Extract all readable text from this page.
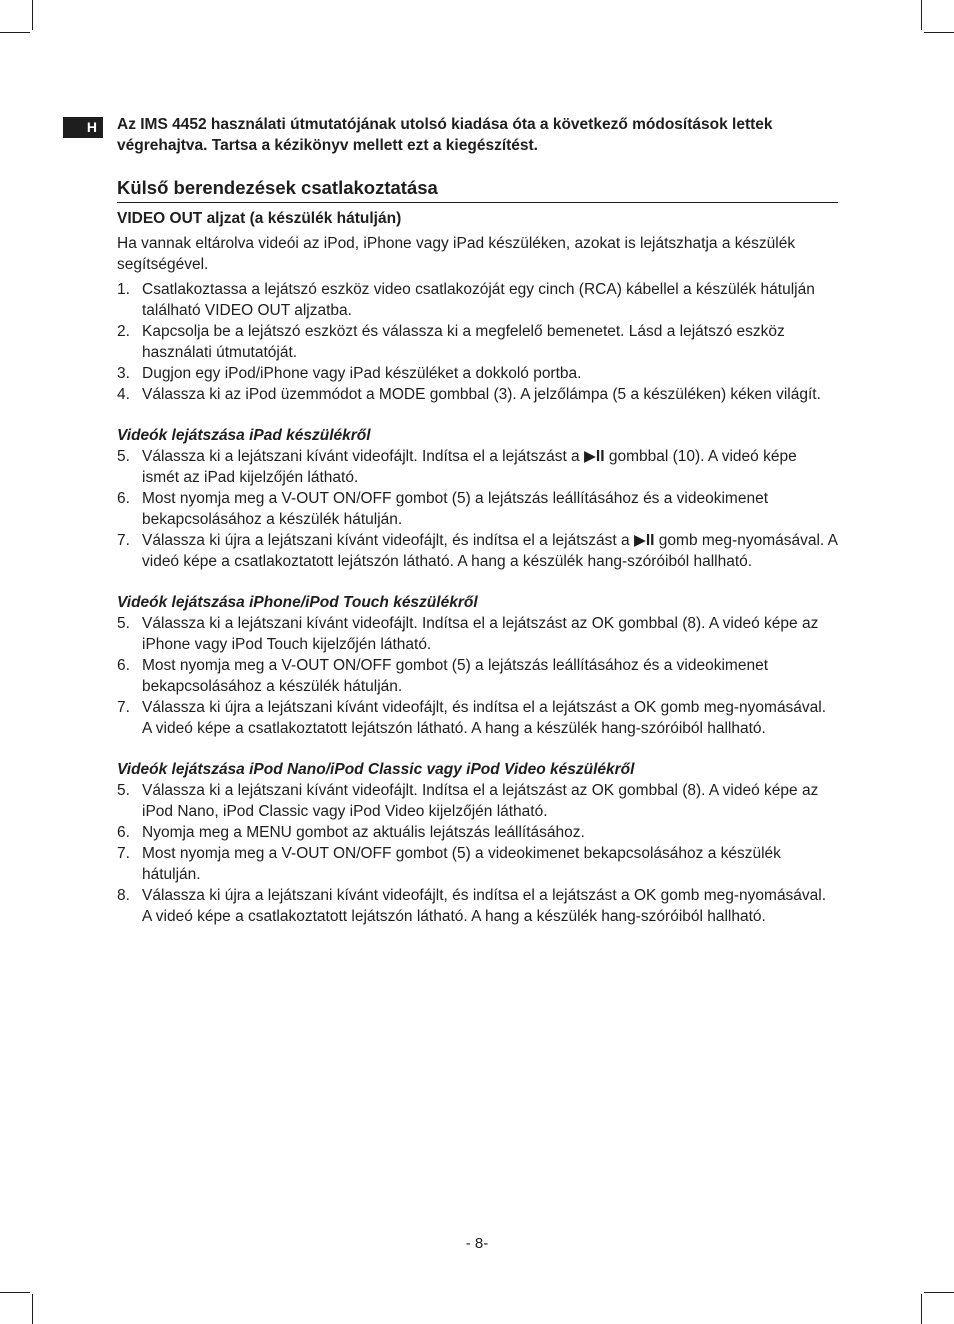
H	Az IMS 4452 használati útmutatójának utolsó kiadása óta a következő módosítások lettek végrehajtva. Tartsa a kézikönyv mellett ezt a kiegészítést.

Külső berendezések csatlakoztatása
VIDEO OUT aljzat (a készülék hátulján)

Ha vannak eltárolva videói az iPod, iPhone vagy iPad készüléken, azokat is lejátszhatja a készülék segítségével.

1. Csatlakoztassa a lejátszó eszköz video csatlakozóját egy cinch (RCA) kábellel a készülék hátulján található VIDEO OUT aljzatba.
2. Kapcsolja be a lejátszó eszközt és válassza ki a megfelelő bemenetet. Lásd a lejátszó eszköz használati útmutatóját.
3. Dugjon egy iPod/iPhone vagy iPad készüléket a dokkoló portba.
4. Válassza ki az iPod üzemmódot a MODE gombbal (3). A jelzőlámpa (5 a készüléken) kéken világít.

Videók lejátszása iPad készülékről

5. Válassza ki a lejátszani kívánt videofájlt. Indítsa el a lejátszást a ▶II gombbal (10). A videó képe ismét az iPad kijelzőjén látható.
6. Most nyomja meg a V-OUT ON/OFF gombot (5) a lejátszás leállításához és a videokimenet bekapcsolásához a készülék hátulján.
7. Válassza ki újra a lejátszani kívánt videofájlt, és indítsa el a lejátszást a ▶II gomb meg-nyomásával. A videó képe a csatlakoztatott lejátszón látható. A hang a készülék hang-szóróiból hallható.

Videók lejátszása iPhone/iPod Touch készülékről

5. Válassza ki a lejátszani kívánt videofájlt. Indítsa el a lejátszást az OK gombbal (8). A videó képe az iPhone vagy iPod Touch kijelzőjén látható.
6. Most nyomja meg a V-OUT ON/OFF gombot (5) a lejátszás leállításához és a videokimenet bekapcsolásához a készülék hátulján.
7. Válassza ki újra a lejátszani kívánt videofájlt, és indítsa el a lejátszást a OK gomb meg-nyomásával. A videó képe a csatlakoztatott lejátszón látható. A hang a készülék hang-szóróiból hallható.

Videók lejátszása iPod Nano/iPod Classic vagy iPod Video készülékről

5. Válassza ki a lejátszani kívánt videofájlt. Indítsa el a lejátszást az OK gombbal (8). A videó képe az iPod Nano, iPod Classic vagy iPod Video kijelzőjén látható.
6. Nyomja meg a MENU gombot az aktuális lejátszás leállításához.
7. Most nyomja meg a V-OUT ON/OFF gombot (5) a videokimenet bekapcsolásához a készülék hátulján.
8. Válassza ki újra a lejátszani kívánt videofájlt, és indítsa el a lejátszást a OK gomb meg-nyomásával. A videó képe a csatlakoztatott lejátszón látható. A hang a készülék hang-szóróiból hallható.
- 8-
